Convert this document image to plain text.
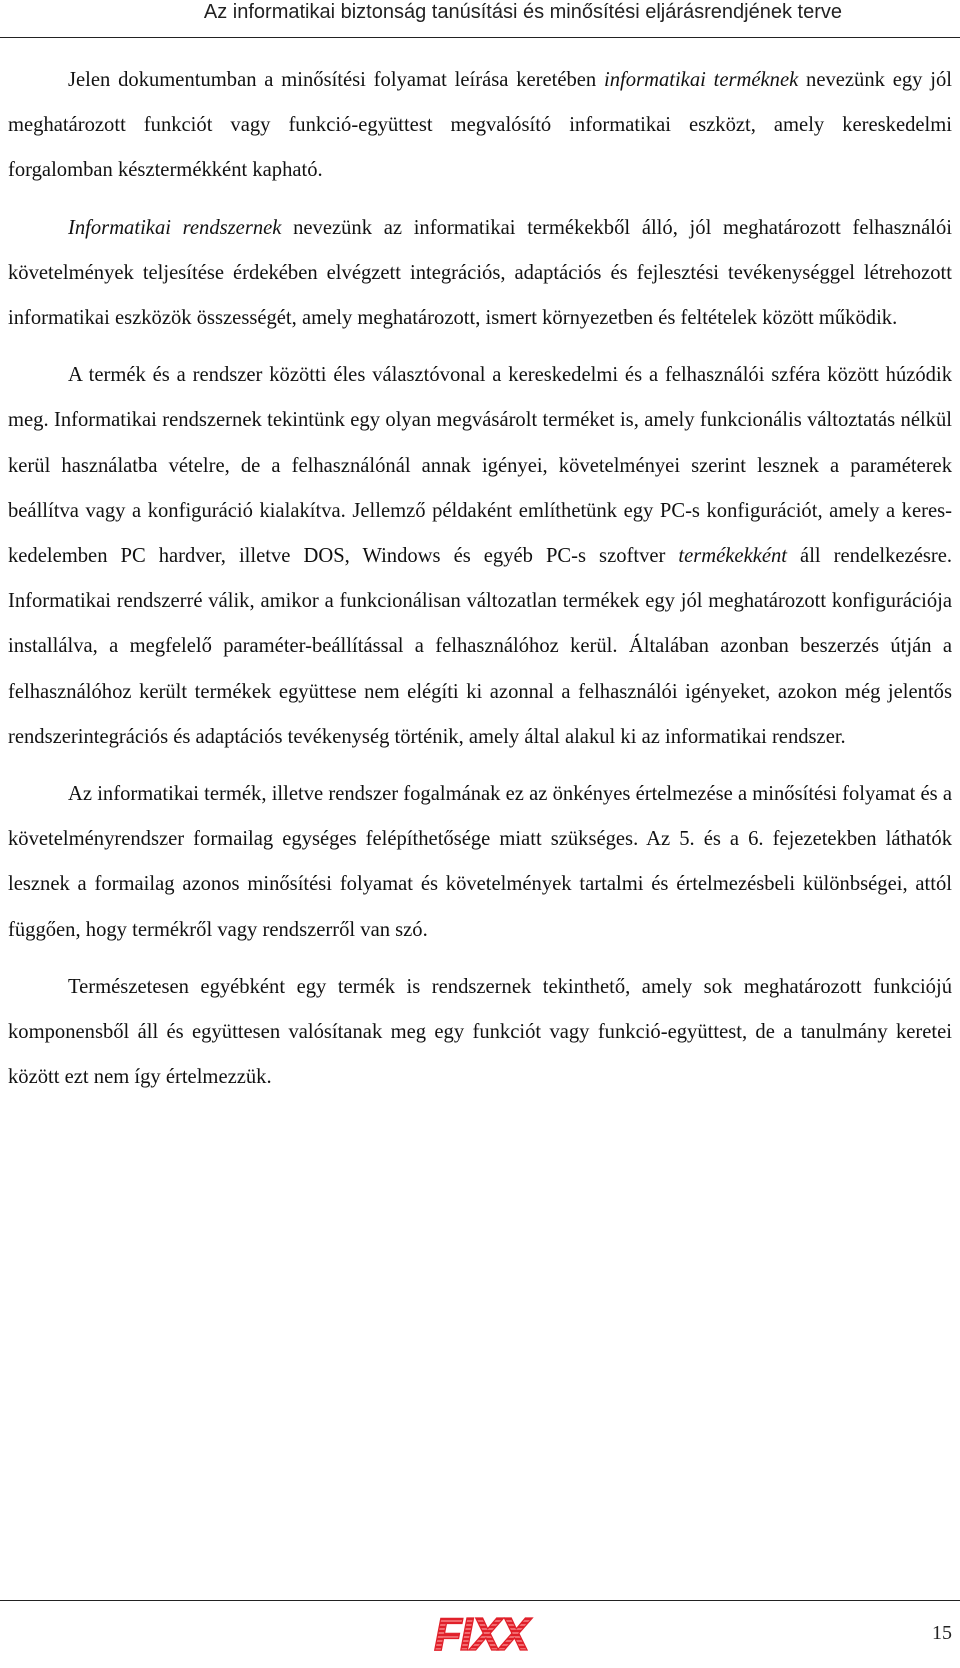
Az informatikai biztonság tanúsítási és minősítési eljárásrendjének terve

Jelen dokumentumban a minősítési folyamat leírása keretében informatikai terméknek nevezünk egy jól meghatározott funkciót vagy funkció-együttest megvalósító informatikai eszközt, amely kereskedelmi forgalomban késztermékként kapható.

Informatikai rendszernek nevezünk az informatikai termékekből álló, jól meghatározott felhasználói követelmények teljesítése érdekében elvégzett integrációs, adaptációs és fejlesztési tevékenységgel létrehozott informatikai eszközök összességét, amely meghatározott, ismert környezetben és feltételek között működik.

A termék és a rendszer közötti éles választóvonal a kereskedelmi és a felhasználói szféra között húzódik meg. Informatikai rendszernek tekintünk egy olyan megvásárolt terméket is, amely funkcionális változtatás nélkül kerül használatba vételre, de a felhasználónál annak igényei, követelményei szerint lesznek a paraméterek beállítva vagy a konfiguráció kialakítva. Jellemző példaként említhetünk egy PC-s konfigurációt, amely a kereskedelemben PC hardver, illetve DOS, Windows és egyéb PC-s szoftver termékekként áll rendelkezésre. Informatikai rendszerré válik, amikor a funkcionálisan változatlan termékek egy jól meghatározott konfigurációja installálva, a megfelelő paraméter-beállítással a felhasználóhoz kerül. Általában azonban beszerzés útján a felhasználóhoz került termékek együttese nem elégíti ki azonnal a felhasználói igényeket, azokon még jelentős rendszerintegrációs és adaptációs tevékenység történik, amely által alakul ki az informatikai rendszer.

Az informatikai termék, illetve rendszer fogalmának ez az önkényes értelmezése a minősítési folyamat és a követelményrendszer formailag egységes felépíthetősége miatt szükséges. Az 5. és a 6. fejezetekben láthatók lesznek a formailag azonos minősítési folyamat és követelmények tartalmi és értelmezésbeli különbségei, attól függően, hogy termékről vagy rendszerről van szó.

Természetesen egyébként egy termék is rendszernek tekinthető, amely sok meghatározott funkciójú komponensből áll és együttesen valósítanak meg egy funkciót vagy funkció-együttest, de a tanulmány keretei között ezt nem így értelmezzük.

FIXX	15
